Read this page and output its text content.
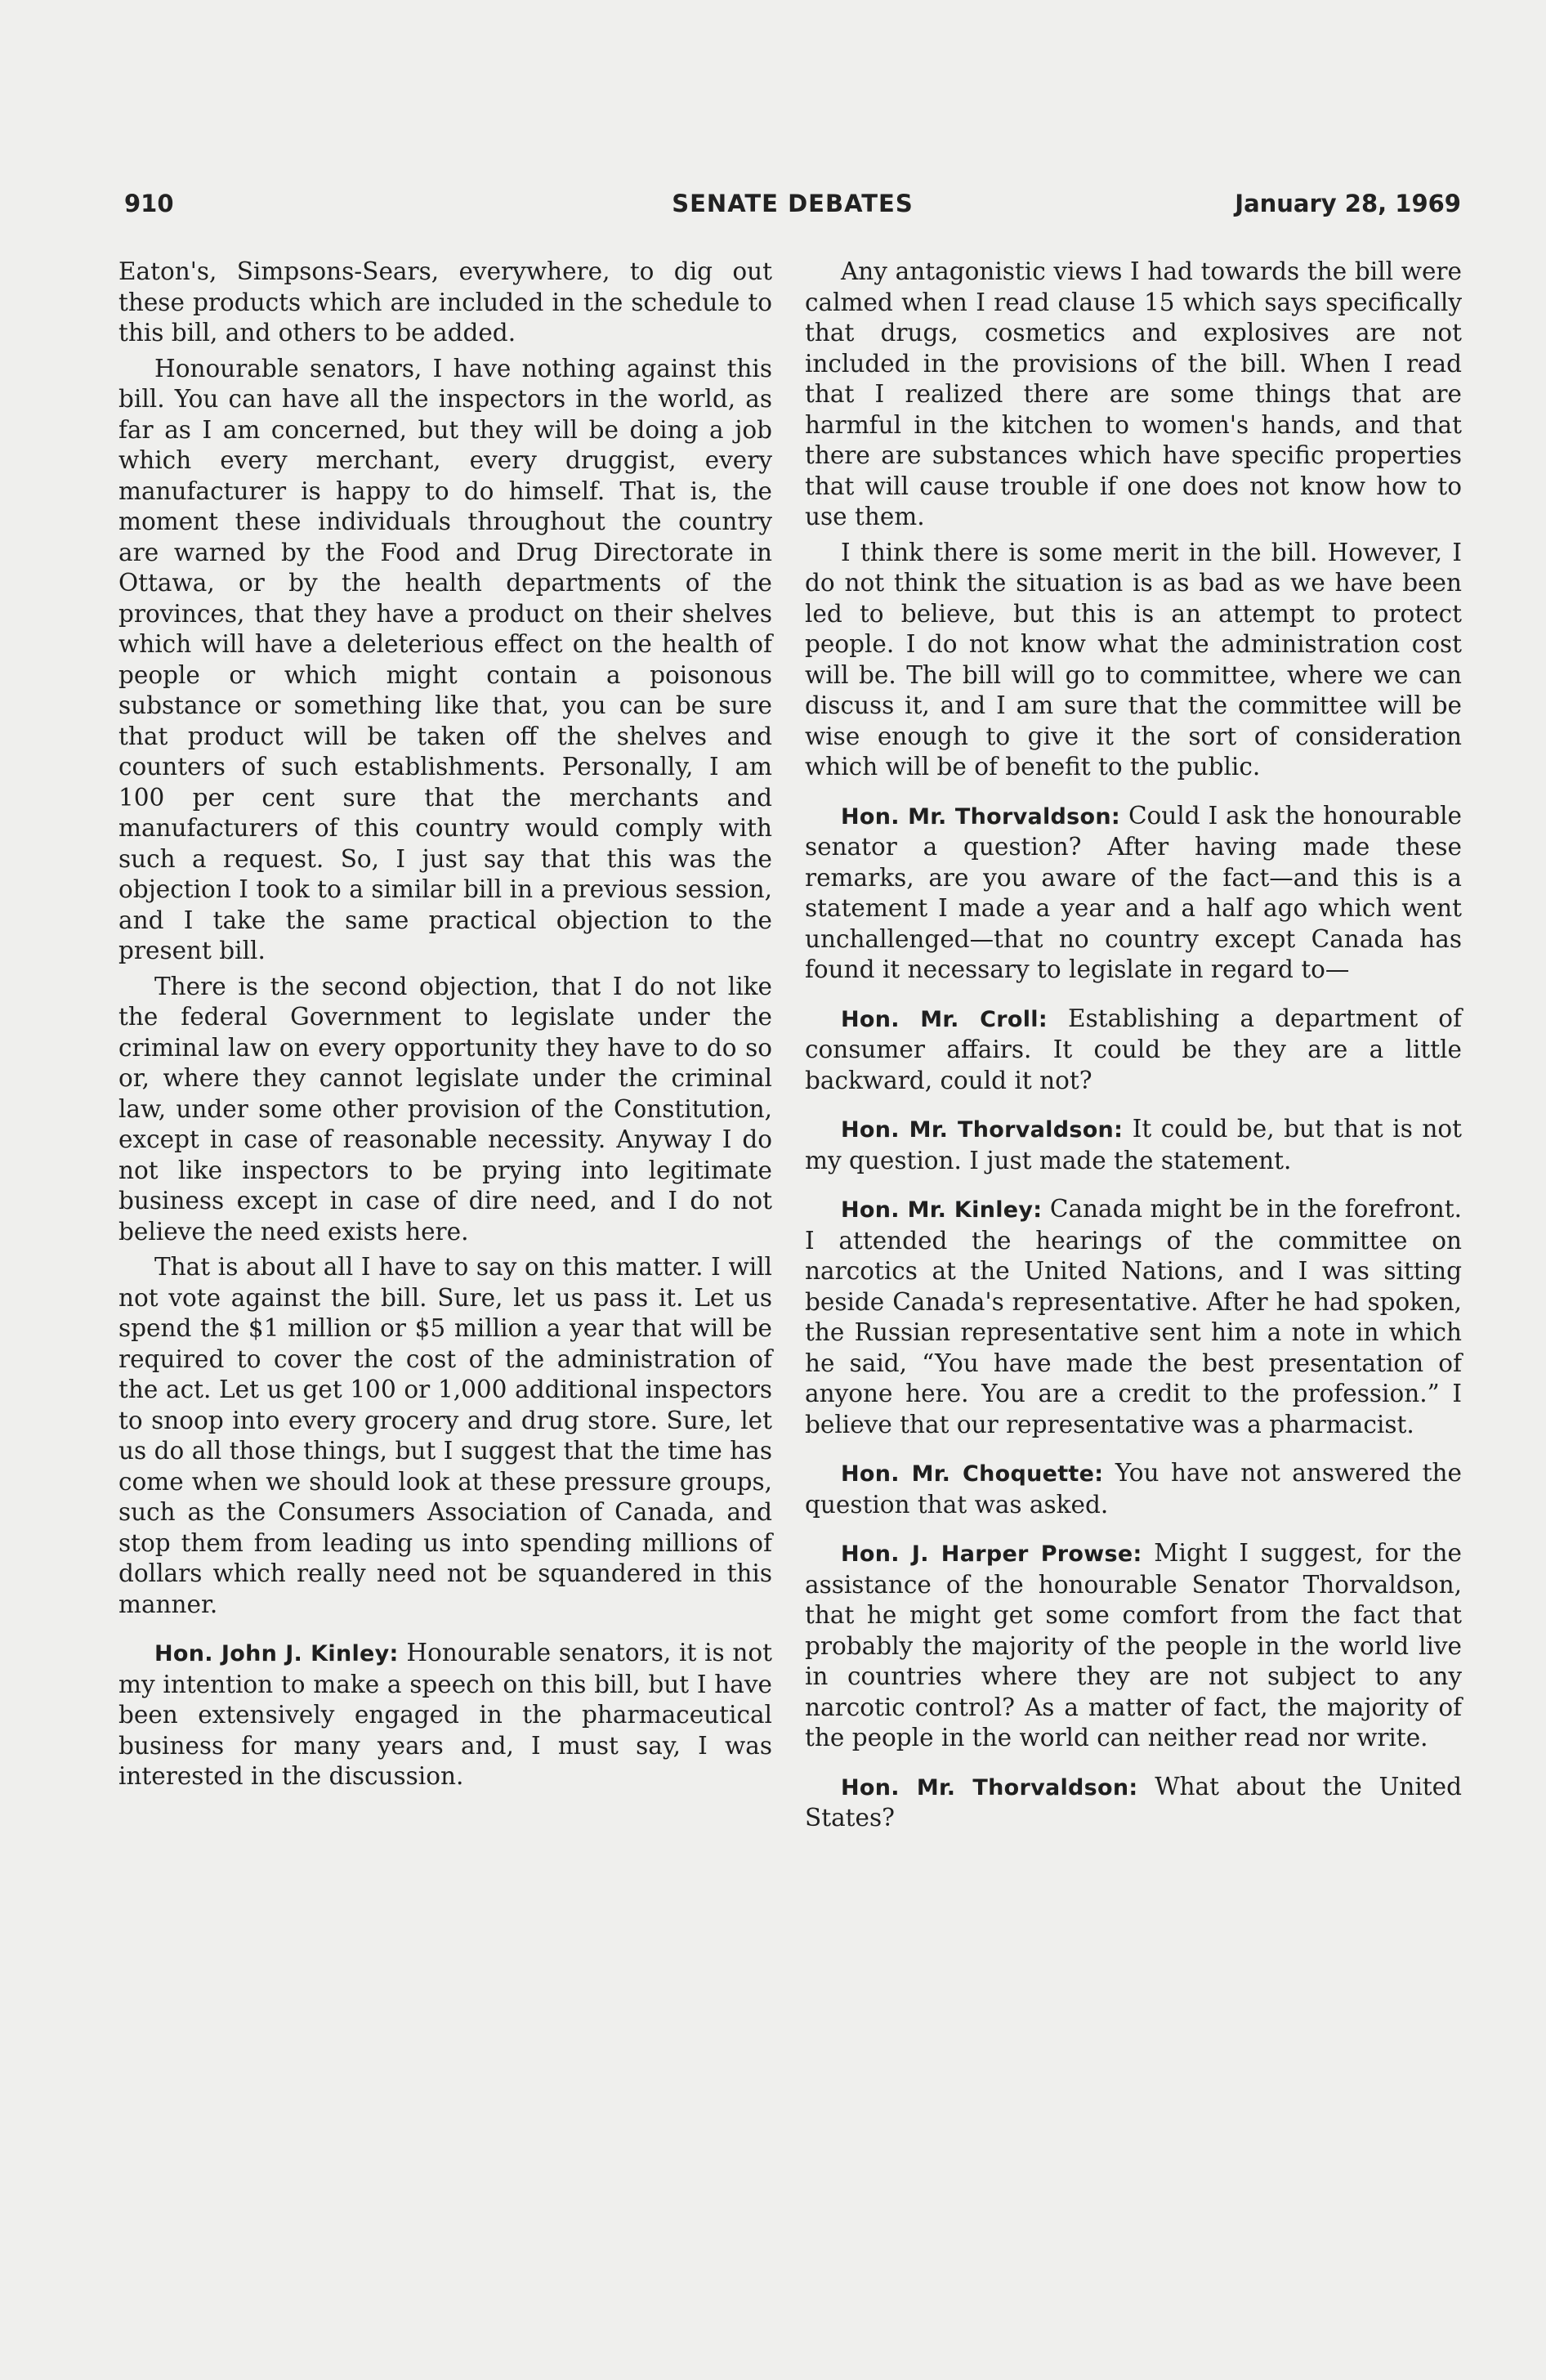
910	SENATE DEBATES	January 28, 1969

Eaton's, Simpsons-Sears, everywhere, to dig out these products which are included in the schedule to this bill, and others to be added.

Honourable senators, I have nothing against this bill. You can have all the inspectors in the world, as far as I am concerned, but they will be doing a job which every merchant, every druggist, every manufacturer is happy to do himself. That is, the moment these individuals throughout the country are warned by the Food and Drug Directorate in Ottawa, or by the health departments of the provinces, that they have a product on their shelves which will have a deleterious effect on the health of people or which might contain a poisonous substance or something like that, you can be sure that product will be taken off the shelves and counters of such establishments. Personally, I am 100 per cent sure that the merchants and manufacturers of this country would comply with such a request. So, I just say that this was the objection I took to a similar bill in a previous session, and I take the same practical objection to the present bill.

There is the second objection, that I do not like the federal Government to legislate under the criminal law on every opportunity they have to do so or, where they cannot legislate under the criminal law, under some other provision of the Constitution, except in case of reasonable necessity. Anyway I do not like inspectors to be prying into legitimate business except in case of dire need, and I do not believe the need exists here.

That is about all I have to say on this matter. I will not vote against the bill. Sure, let us pass it. Let us spend the $1 million or $5 million a year that will be required to cover the cost of the administration of the act. Let us get 100 or 1,000 additional inspectors to snoop into every grocery and drug store. Sure, let us do all those things, but I suggest that the time has come when we should look at these pressure groups, such as the Consumers Association of Canada, and stop them from leading us into spending millions of dollars which really need not be squandered in this manner.

Hon. John J. Kinley: Honourable senators, it is not my intention to make a speech on this bill, but I have been extensively engaged in the pharmaceutical business for many years and, I must say, I was interested in the discussion.

Any antagonistic views I had towards the bill were calmed when I read clause 15 which says specifically that drugs, cosmetics and explosives are not included in the provisions of the bill. When I read that I realized there are some things that are harmful in the kitchen to women's hands, and that there are substances which have specific properties that will cause trouble if one does not know how to use them.

I think there is some merit in the bill. However, I do not think the situation is as bad as we have been led to believe, but this is an attempt to protect people. I do not know what the administration cost will be. The bill will go to committee, where we can discuss it, and I am sure that the committee will be wise enough to give it the sort of consideration which will be of benefit to the public.

Hon. Mr. Thorvaldson: Could I ask the honourable senator a question? After having made these remarks, are you aware of the fact—and this is a statement I made a year and a half ago which went unchallenged—that no country except Canada has found it necessary to legislate in regard to—

Hon. Mr. Croll: Establishing a department of consumer affairs. It could be they are a little backward, could it not?

Hon. Mr. Thorvaldson: It could be, but that is not my question. I just made the statement.

Hon. Mr. Kinley: Canada might be in the forefront. I attended the hearings of the committee on narcotics at the United Nations, and I was sitting beside Canada's representative. After he had spoken, the Russian representative sent him a note in which he said, “You have made the best presentation of anyone here. You are a credit to the profession.” I believe that our representative was a pharmacist.

Hon. Mr. Choquette: You have not answered the question that was asked.

Hon. J. Harper Prowse: Might I suggest, for the assistance of the honourable Senator Thorvaldson, that he might get some comfort from the fact that probably the majority of the people in the world live in countries where they are not subject to any narcotic control? As a matter of fact, the majority of the people in the world can neither read nor write.

Hon. Mr. Thorvaldson: What about the United States?
